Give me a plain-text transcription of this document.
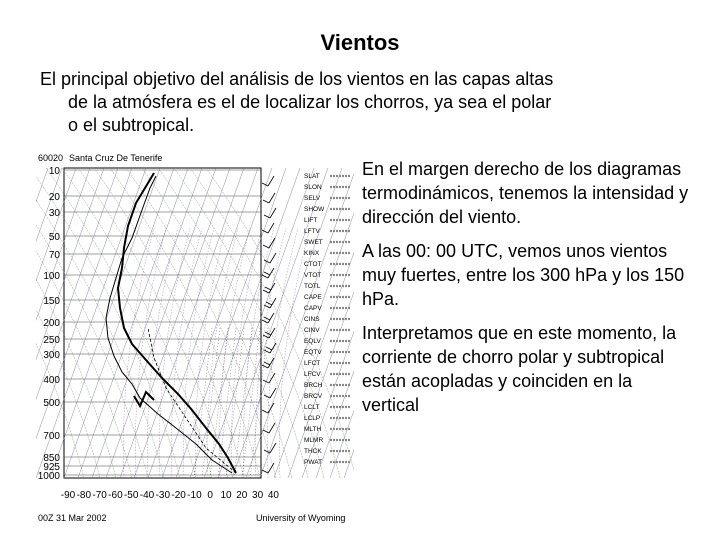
Vientos
El principal objetivo del análisis de los vientos en las capas altas
de la atmósfera es el de localizar los chorros, ya sea el polar
o el subtropical.
10
20
30
50
70
100
150
200
250
300
400
500
700
850
925
1000
-90 -80 -70 -60 -50 -40 -30 -20 -10 0 10 20 30 40
SLAT
SLON
SELV
SHOW
LIFT
LFTV
SWET
KINX
CTOT
VTOT
TOTL
CAPE
CAPV
CINS
CINV
EQLV
EQTV
LFCT
LFCV
BRCH
BRCV
LCLT
LCLP
MLTH
MLMR
THCK
PWAT
60020 Santa Cruz De Tenerife
00Z 31 Mar 2002	University of Wyoming

En el margen derecho de los diagramas termodinámicos, tenemos la intensidad y dirección del viento.

A las 00: 00 UTC, vemos unos vientos muy fuertes, entre los 300 hPa y los 150 hPa.

Interpretamos que en este momento, la corriente de chorro polar y subtropical están acopladas y coinciden en la vertical
